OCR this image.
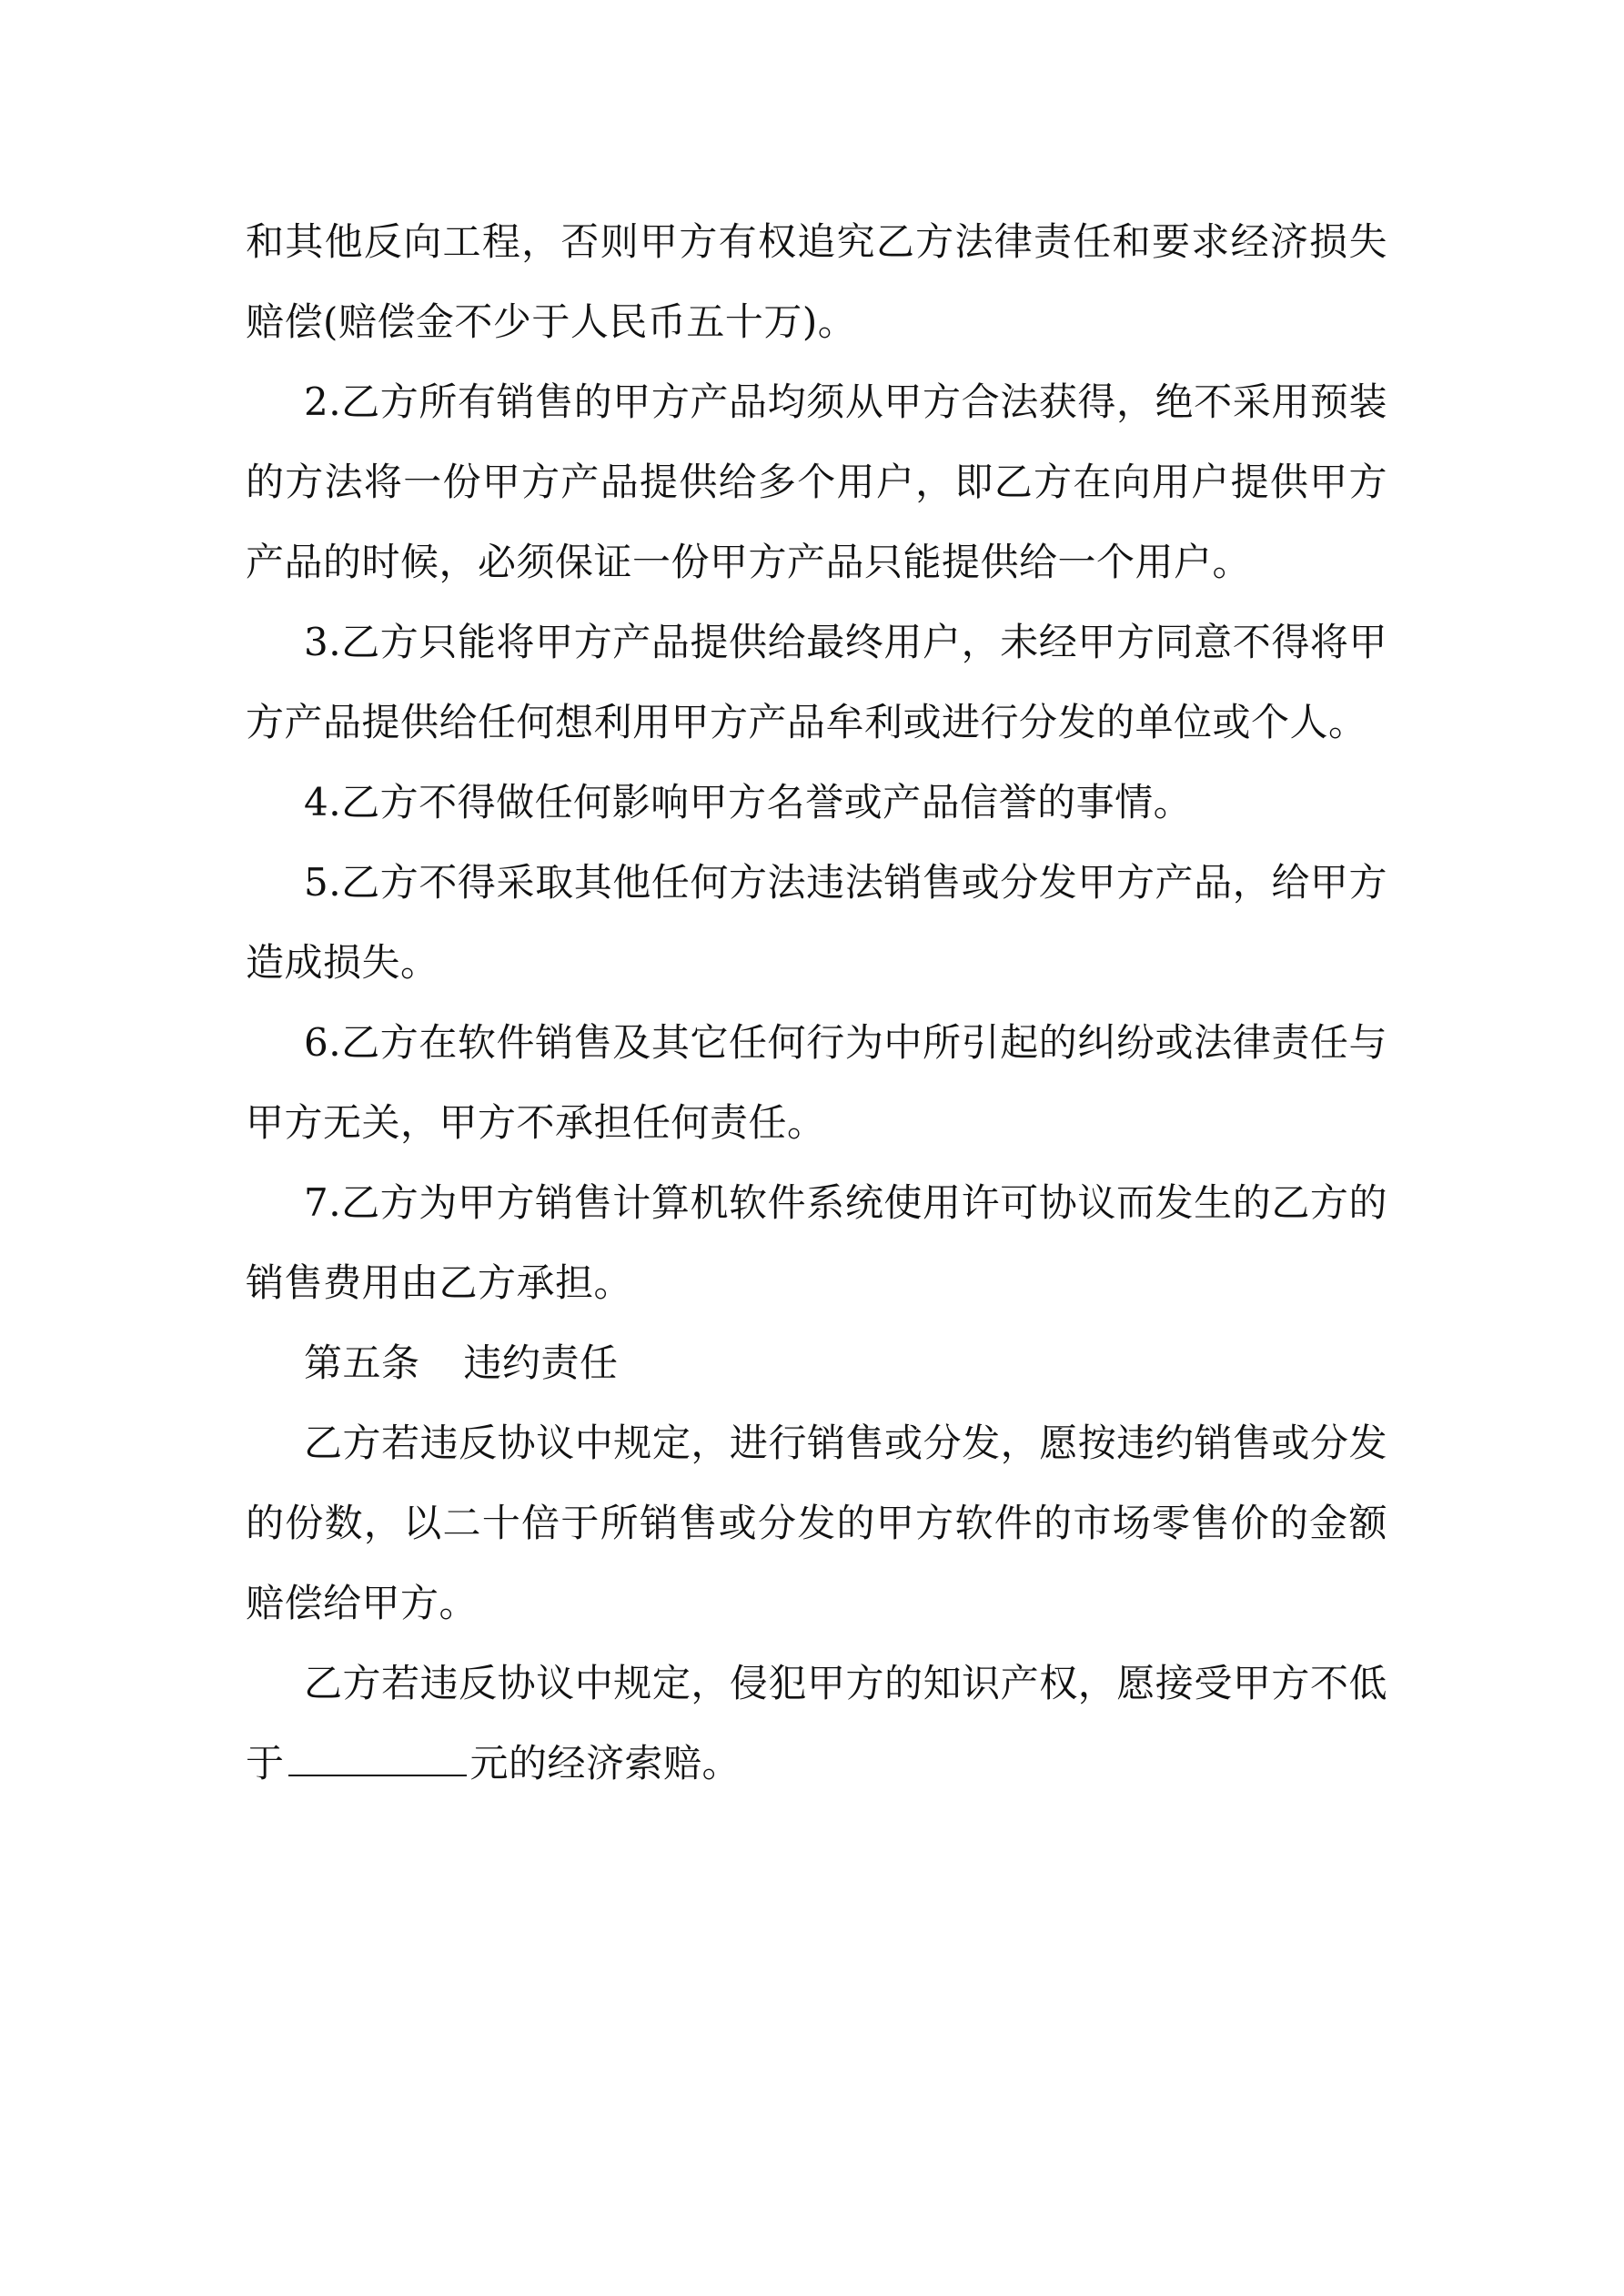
和其他反向工程，否则甲方有权追究乙方法律责任和要求经济损失赔偿(赔偿金不少于人民币五十万)。

2.乙方所有销售的甲方产品均须从甲方合法获得，绝不采用预装的方法将一份甲方产品提供给多个用户，即乙方在向用户提供甲方产品的时候，必须保证一份甲方产品只能提供给一个用户。

3.乙方只能将甲方产品提供给最终用户，未经甲方同意不得将甲方产品提供给任何想利用甲方产品牟利或进行分发的单位或个人。

4.乙方不得做任何影响甲方名誉或产品信誉的事情。

5.乙方不得采取其他任何方法违法销售或分发甲方产品，给甲方造成损失。

6.乙方在软件销售及其它任何行为中所引起的纠纷或法律责任与甲方无关，甲方不承担任何责任。

7.乙方为甲方销售计算机软件系统使用许可协议而发生的乙方的销售费用由乙方承担。

第五条 违约责任

乙方若违反协议中规定，进行销售或分发，愿按违约销售或分发的份数，以二十倍于所销售或分发的甲方软件的市场零售价的金额赔偿给甲方。

乙方若违反协议中规定，侵犯甲方的知识产权，愿接受甲方不低于	元的经济索赔。
